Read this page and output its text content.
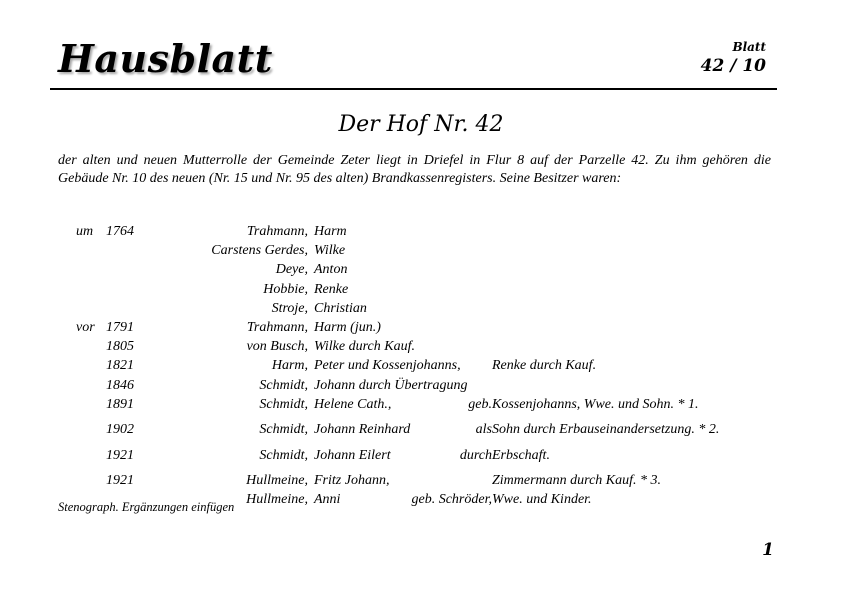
Hausblatt	Blatt
42 / 10
Der Hof Nr. 42
der alten und neuen Mutterrolle der Gemeinde Zeter liegt in Driefel in Flur 8 auf der Parzelle 42. Zu ihm gehören die Gebäude Nr. 10 des neuen (Nr. 15 und Nr. 95 des alten) Brandkassenregisters. Seine Besitzer waren:
um	1764	Trahmann,	Harm	
		Carstens Gerdes,	Wilke	
		Deye,	Anton	
		Hobbie,	Renke	
		Stroje,	Christian	
vor	1791	Trahmann,	Harm (jun.)	
	1805	von Busch,	Wilke durch Kauf.	
	1821	Harm,	Peter und Kossenjohanns,	Renke durch Kauf.
	1846	Schmidt,	Johann durch Übertragung	
	1891	Schmidt,	Helene Cath., geb.	Kossenjohanns, Wwe. und Sohn. * 1.
	1902	Schmidt,	Johann Reinhard als	Sohn durch Erbauseinandersetzung. * 2.
	1921	Schmidt,	Johann Eilert durch	Erbschaft.
	1921	Hullmeine,	Fritz Johann,	Zimmermann durch Kauf. * 3.
		Hullmeine,	Anni geb. Schröder,	Wwe. und Kinder.
Stenograph. Ergänzungen einfügen
1
